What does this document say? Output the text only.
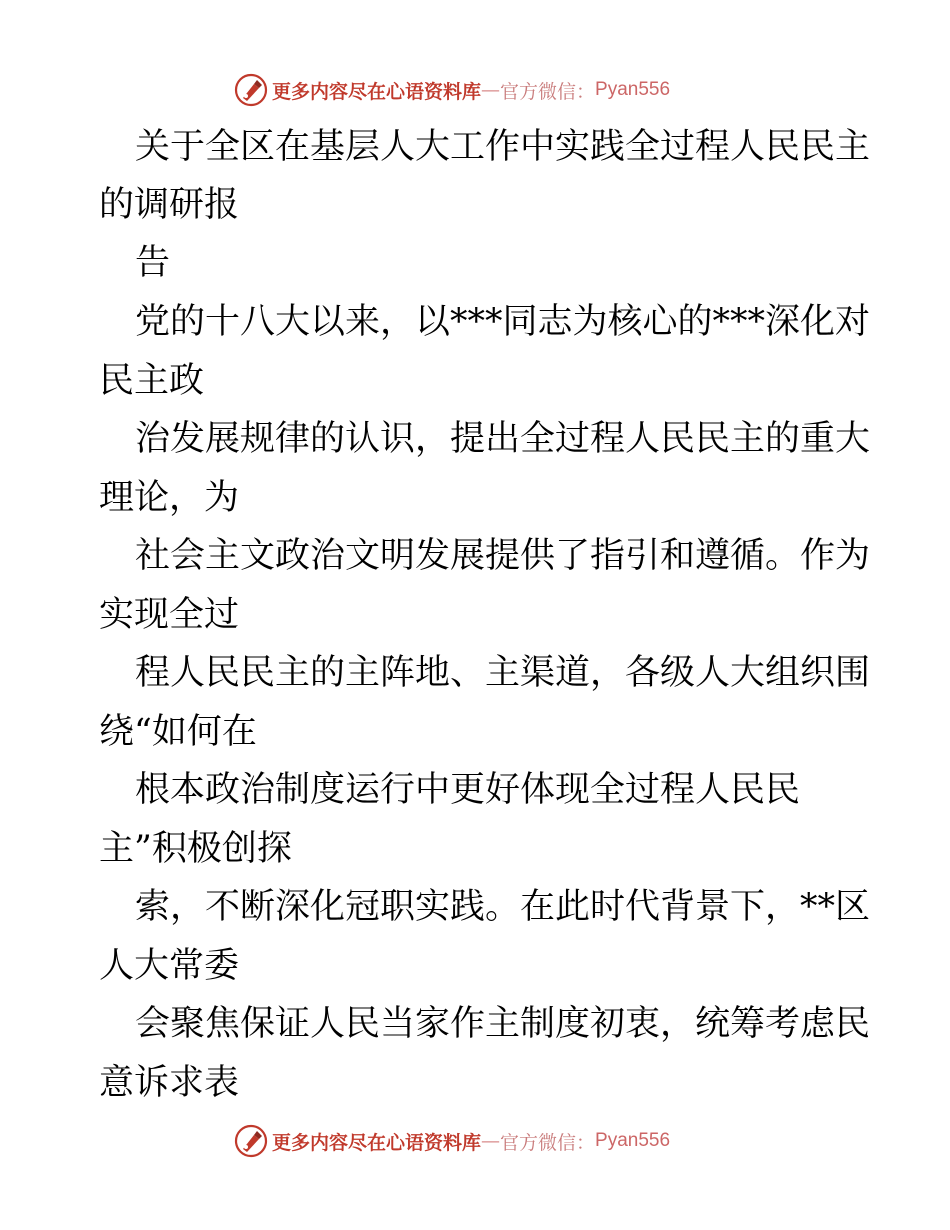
更多内容尽在心语资料库 — 官方微信： Pyan556
关于全区在基层人大工作中实践全过程人民民主
的调研报
告
党的十八大以来，以***同志为核心的***深化对
民主政
治发展规律的认识，提出全过程人民民主的重大
理论，为
社会主文政治文明发展提供了指引和遵循。作为
实现全过
程人民民主的主阵地、主渠道，各级人大组织围
绕“如何在
根本政治制度运行中更好体现全过程人民民
主”积极创探
索，不断深化冠职实践。在此时代背景下，**区
人大常委
会聚焦保证人民当家作主制度初衷，统筹考虑民
意诉求表
更多内容尽在心语资料库 — 官方微信： Pyan556
